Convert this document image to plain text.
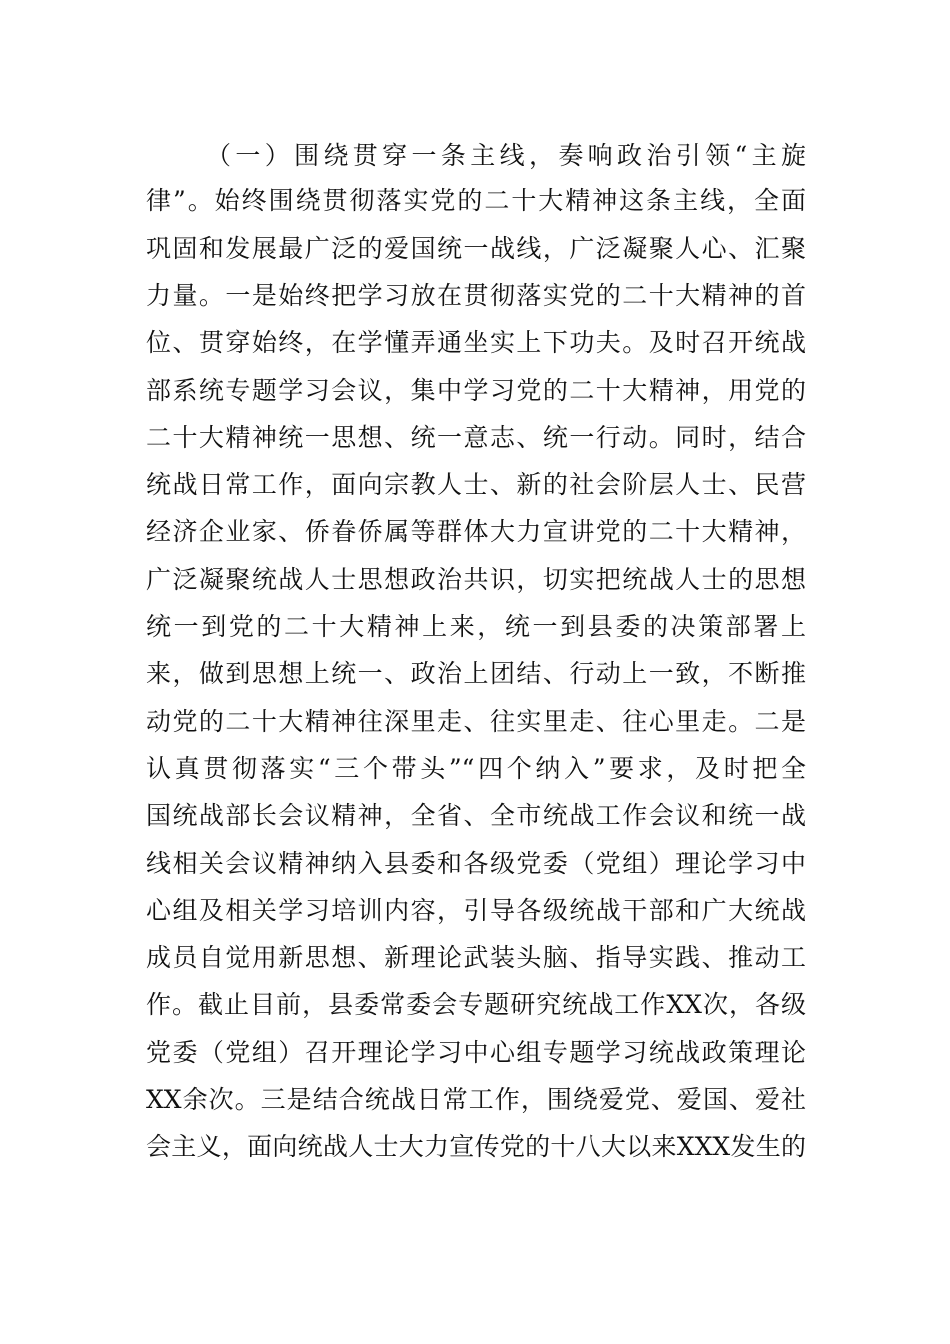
（一）围绕贯穿一条主线，奏响政治引领“主旋
律”。始终围绕贯彻落实党的二十大精神这条主线，全面
巩固和发展最广泛的爱国统一战线，广泛凝聚人心、汇聚
力量。一是始终把学习放在贯彻落实党的二十大精神的首
位、贯穿始终，在学懂弄通坐实上下功夫。及时召开统战
部系统专题学习会议，集中学习党的二十大精神，用党的
二十大精神统一思想、统一意志、统一行动。同时，结合
统战日常工作，面向宗教人士、新的社会阶层人士、民营
经济企业家、侨眷侨属等群体大力宣讲党的二十大精神，
广泛凝聚统战人士思想政治共识，切实把统战人士的思想
统一到党的二十大精神上来，统一到县委的决策部署上
来，做到思想上统一、政治上团结、行动上一致，不断推
动党的二十大精神往深里走、往实里走、往心里走。二是
认真贯彻落实“三个带头”“四个纳入”要求，及时把全
国统战部长会议精神，全省、全市统战工作会议和统一战
线相关会议精神纳入县委和各级党委（党组）理论学习中
心组及相关学习培训内容，引导各级统战干部和广大统战
成员自觉用新思想、新理论武装头脑、指导实践、推动工
作。截止目前，县委常委会专题研究统战工作XX次，各级
党委（党组）召开理论学习中心组专题学习统战政策理论
XX余次。三是结合统战日常工作，围绕爱党、爱国、爱社
会主义，面向统战人士大力宣传党的十八大以来XXX发生的
